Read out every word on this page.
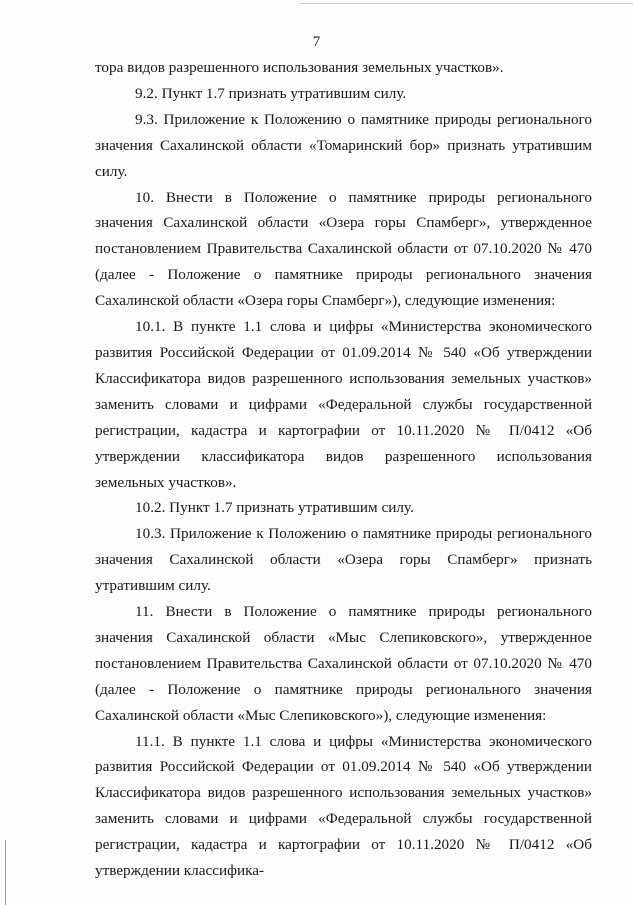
7

тора видов разрешенного использования земельных участков».

9.2. Пункт 1.7 признать утратившим силу.

9.3. Приложение к Положению о памятнике природы регионального значения Сахалинской области «Томаринский бор» признать утратившим силу.

10. Внести в Положение о памятнике природы регионального значения Сахалинской области «Озера горы Спамберг», утвержденное постановлением Правительства Сахалинской области от 07.10.2020 № 470 (далее - Положение о памятнике природы регионального значения Сахалинской области «Озера горы Спамберг»), следующие изменения:

10.1. В пункте 1.1 слова и цифры «Министерства экономического развития Российской Федерации от 01.09.2014 № 540 «Об утверждении Классификатора видов разрешенного использования земельных участков» заменить словами и цифрами «Федеральной службы государственной регистрации, кадастра и картографии от 10.11.2020 № П/0412 «Об утверждении классификатора видов разрешенного использования земельных участков».

10.2. Пункт 1.7 признать утратившим силу.

10.3. Приложение к Положению о памятнике природы регионального значения Сахалинской области «Озера горы Спамберг» признать утратившим силу.

11. Внести в Положение о памятнике природы регионального значения Сахалинской области «Мыс Слепиковского», утвержденное постановлением Правительства Сахалинской области от 07.10.2020 № 470 (далее - Положение о памятнике природы регионального значения Сахалинской области «Мыс Слепиковского»), следующие изменения:

11.1. В пункте 1.1 слова и цифры «Министерства экономического развития Российской Федерации от 01.09.2014 № 540 «Об утверждении Классификатора видов разрешенного использования земельных участков» заменить словами и цифрами «Федеральной службы государственной регистрации, кадастра и картографии от 10.11.2020 № П/0412 «Об утверждении классифика-
